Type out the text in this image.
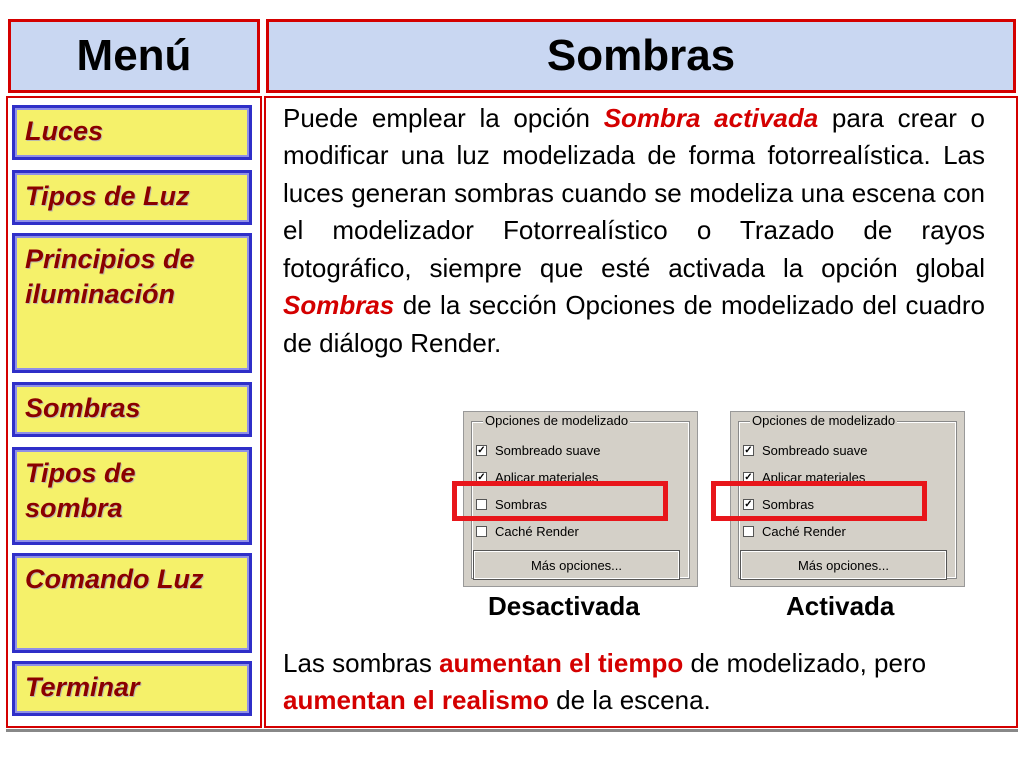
Menú	Sombras
Luces
Tipos de Luz
Principios de iluminación
Sombras
Tipos de sombra
Comando Luz
Terminar
Puede emplear la opción Sombra activada para crear o modificar una luz modelizada de forma fotorrealística. Las luces generan sombras cuando se modeliza una escena con el modelizador Fotorrealístico o Trazado de rayos fotográfico, siempre que esté activada la opción global Sombras de la sección Opciones de modelizado del cuadro de diálogo Render.
Opciones de modelizado
✓ Sombreado suave
✓ Aplicar materiales
Sombras
Caché Render
Más opciones...
Opciones de modelizado
✓ Sombreado suave
✓ Aplicar materiales
✓ Sombras
Caché Render
Más opciones...
Desactivada	Activada
Las sombras aumentan el tiempo de modelizado, pero aumentan el realismo de la escena.
